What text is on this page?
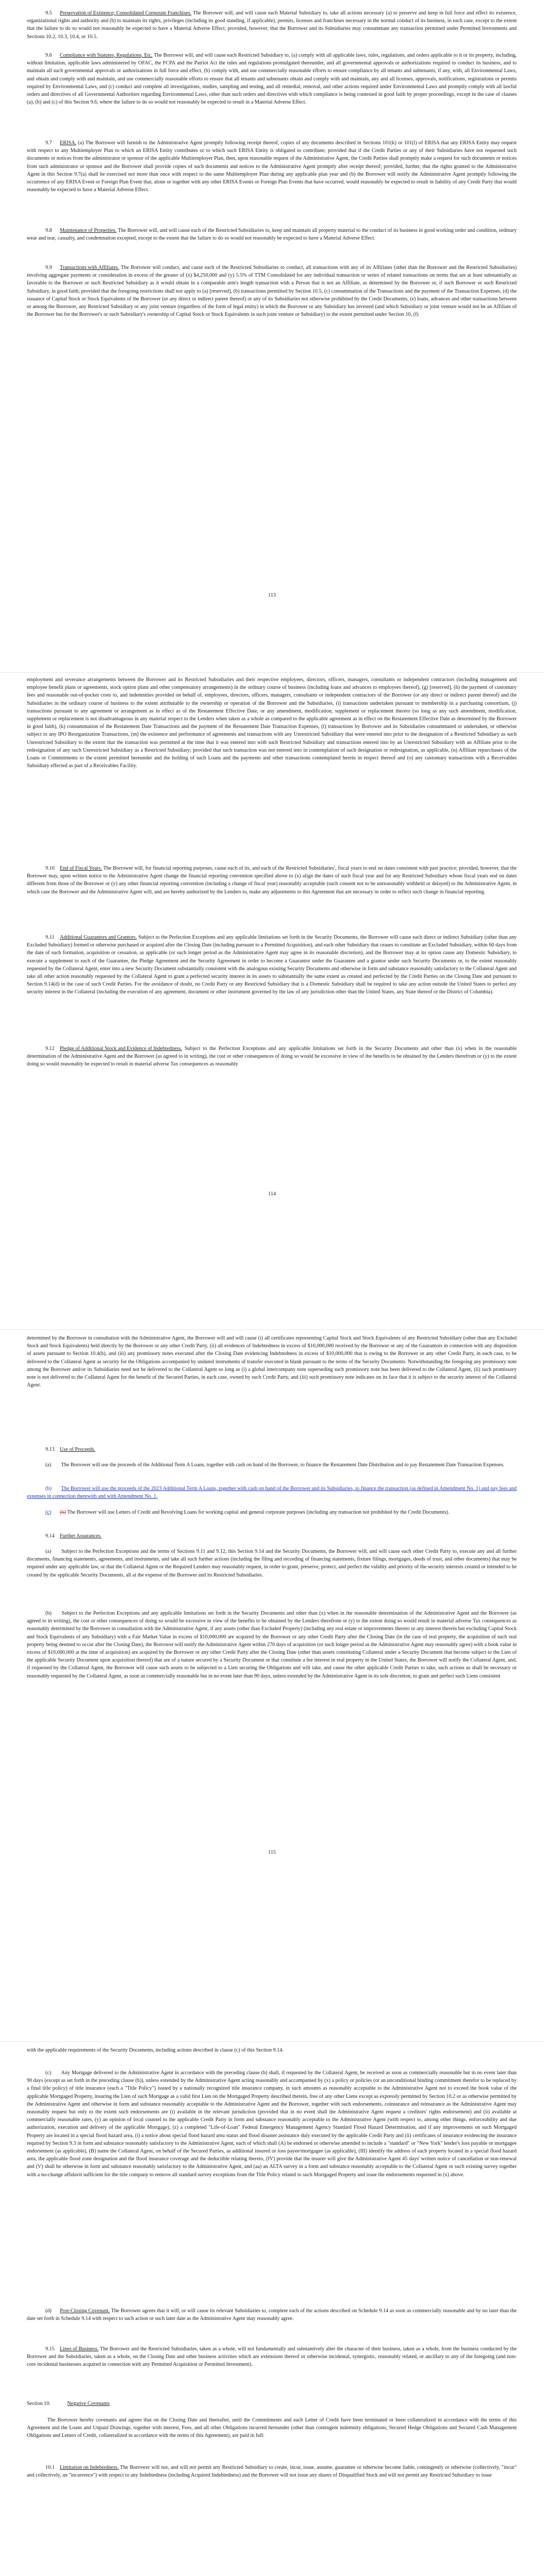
9.5 Preservation of Existence; Consolidated Corporate Franchises. The Borrower will, and will cause each Material Subsidiary to, take all actions necessary (a) to preserve and keep in full force and effect its existence, organizational rights and authority and (b) to maintain its rights, privileges (including its good standing, if applicable), permits, licenses and franchises necessary in the normal conduct of its business, in each case, except to the extent that the failure to do so would not reasonably be expected to have a Material Adverse Effect; provided, however, that the Borrower and its Subsidiaries may consummate any transaction permitted under Permitted Investments and Sections 10.2, 10.3, 10.4, or 10.5.

9.6 Compliance with Statutes, Regulations, Etc. The Borrower will, and will cause each Restricted Subsidiary to, (a) comply with all applicable laws, rules, regulations, and orders applicable to it or its property, including, without limitation, applicable laws administered by OFAC, the FCPA and the Patriot Act the rules and regulations promulgated thereunder, and all governmental approvals or authorizations required to conduct its business, and to maintain all such governmental approvals or authorizations in full force and effect, (b) comply with, and use commercially reasonable efforts to ensure compliance by all tenants and subtenants, if any, with, all Environmental Laws, and obtain and comply with and maintain, and use commercially reasonable efforts to ensure that all tenants and subtenants obtain and comply with and maintain, any and all licenses, approvals, notifications, registrations or permits required by Environmental Laws, and (c) conduct and complete all investigations, studies, sampling and testing, and all remedial, removal, and other actions required under Environmental Laws and promptly comply with all lawful orders and directives of all Governmental Authorities regarding Environmental Laws, other than such orders and directives with which compliance is being contested in good faith by proper proceedings, except in the case of clauses (a), (b) and (c) of this Section 9.6, where the failure to do so would not reasonably be expected to result in a Material Adverse Effect.

9.7 ERISA. (a) The Borrower will furnish to the Administrative Agent promptly following receipt thereof, copies of any documents described in Sections 101(k) or 101(l) of ERISA that any ERISA Entity may request with respect to any Multiemployer Plan to which an ERISA Entity contributes or to which such ERISA Entity is obligated to contribute; provided that if the Credit Parties or any of their Subsidiaries have not requested such documents or notices from the administrator or sponsor of the applicable Multiemployer Plan, then, upon reasonable request of the Administrative Agent, the Credit Parties shall promptly make a request for such documents or notices from such administrator or sponsor and the Borrower shall provide copies of such documents and notices to the Administrative Agent promptly after receipt thereof; provided, further, that the rights granted to the Administrative Agent in this Section 9.7(a) shall be exercised not more than once with respect to the same Multiemployer Plan during any applicable plan year and (b) the Borrower will notify the Administrative Agent promptly following the occurrence of any ERISA Event or Foreign Plan Event that, alone or together with any other ERISA Events or Foreign Plan Events that have occurred, would reasonably be expected to result in liability of any Credit Party that would reasonably be expected to have a Material Adverse Effect.

9.8 Maintenance of Properties. The Borrower will, and will cause each of the Restricted Subsidiaries to, keep and maintain all property material to the conduct of its business in good working order and condition, ordinary wear and tear, casualty, and condemnation excepted, except to the extent that the failure to do so would not reasonably be expected to have a Material Adverse Effect.

9.9 Transactions with Affiliates. The Borrower will conduct, and cause each of the Restricted Subsidiaries to conduct, all transactions with any of its Affiliates (other than the Borrower and the Restricted Subsidiaries) involving aggregate payments or consideration in excess of the greater of (x) $4,250,000 and (y) 5.5% of TTM Consolidated for any individual transaction or series of related transactions on terms that are at least substantially as favorable to the Borrower or such Restricted Subsidiary as it would obtain in a comparable arm's length transaction with a Person that is not an Affiliate, as determined by the Borrower or, if such Borrower or such Restricted Subsidiary, in good faith; provided that the foregoing restrictions shall not apply to (a) [reserved], (b) transactions permitted by Section 10.5, (c) consummation of the Transactions and the payment of the Transaction Expenses, (d) the issuance of Capital Stock or Stock Equivalents of the Borrower (or any direct or indirect parent thereof) or any of its Subsidiaries not otherwise prohibited by the Credit Documents, (e) loans, advances and other transactions between or among the Borrower, any Restricted Subsidiary or any joint venture (regardless of the form of legal entity) in which the Borrower or any Subsidiary has invested (and which Subsidiary or joint venture would not be an Affiliate of the Borrower but for the Borrower's or such Subsidiary's ownership of Capital Stock or Stock Equivalents in such joint venture or Subsidiary) to the extent permitted under Section 10, (f)

113

employment and severance arrangements between the Borrower and its Restricted Subsidiaries and their respective employees, directors, officers, managers, consultants or independent contractors (including management and employee benefit plans or agreements, stock option plans and other compensatory arrangements) in the ordinary course of business (including loans and advances to employees thereof), (g) [reserved], (h) the payment of customary fees and reasonable out-of-pocket costs to, and indemnities provided on behalf of, employees, directors, officers, managers, consultants or independent contractors of the Borrower (or any direct or indirect parent thereof) and the Subsidiaries in the ordinary course of business to the extent attributable to the ownership or operation of the Borrower and the Subsidiaries, (i) transactions undertaken pursuant to membership in a purchasing consortium, (j) transactions pursuant to any agreement or arrangement as in effect as of the Restatement Effective Date, or any amendment, modification, supplement or replacement thereto (so long as any such amendment, modification, supplement or replacement is not disadvantageous in any material respect to the Lenders when taken as a whole as compared to the applicable agreement as in effect on the Restatement Effective Date as determined by the Borrower in good faith), (k) consummation of the Restatement Date Transactions and the payment of the Restatement Date Transaction Expenses, (l) transactions by Borrower and its Subsidiaries consummated or undertaken, or otherwise subject to any IPO Reorganization Transactions, (m) the existence and performance of agreements and transactions with any Unrestricted Subsidiary that were entered into prior to the designation of a Restricted Subsidiary as such Unrestricted Subsidiary to the extent that the transaction was permitted at the time that it was entered into with such Restricted Subsidiary and transactions entered into by an Unrestricted Subsidiary with an Affiliate prior to the redesignation of any such Unrestricted Subsidiary as a Restricted Subsidiary; provided that such transaction was not entered into in contemplation of such designation or redesignation, as applicable, (n) Affiliate repurchases of the Loans or Commitments to the extent permitted hereunder and the holding of such Loans and the payments and other transactions contemplated herein in respect thereof and (o) any customary transactions with a Receivables Subsidiary effected as part of a Receivables Facility.

9.10 End of Fiscal Years. The Borrower will, for financial reporting purposes, cause each of its, and each of the Restricted Subsidiaries', fiscal years to end on dates consistent with past practice; provided, however, that the Borrower may, upon written notice to the Administrative Agent change the financial reporting convention specified above to (x) align the dates of such fiscal year and for any Restricted Subsidiary whose fiscal years end on dates different from those of the Borrower or (y) any other financial reporting convention (including a change of fiscal year) reasonably acceptable (such consent not to be unreasonably withheld or delayed) to the Administrative Agent, in which case the Borrower and the Administrative Agent will, and are hereby authorized by the Lenders to, make any adjustments to this Agreement that are necessary in order to reflect such change in financial reporting.

9.11 Additional Guarantors and Grantors. Subject to the Perfection Exceptions and any applicable limitations set forth in the Security Documents, the Borrower will cause each direct or indirect Subsidiary (other than any Excluded Subsidiary) formed or otherwise purchased or acquired after the Closing Date (including pursuant to a Permitted Acquisition), and each other Subsidiary that ceases to constitute an Excluded Subsidiary, within 60 days from the date of such formation, acquisition or cessation, as applicable (or such longer period as the Administrative Agent may agree in its reasonable discretion), and the Borrower may at its option cause any Domestic Subsidiary, to execute a supplement to each of the Guarantee, the Pledge Agreement and the Security Agreement in order to become a Guarantor under the Guarantee and a grantor under such Security Documents or, to the extent reasonably requested by the Collateral Agent, enter into a new Security Document substantially consistent with the analogous existing Security Documents and otherwise in form and substance reasonably satisfactory to the Collateral Agent and take all other action reasonably requested by the Collateral Agent to grant a perfected security interest in its assets to substantially the same extent as created and perfected by the Credit Parties on the Closing Date and pursuant to Section 9.14(d) in the case of such Credit Parties. For the avoidance of doubt, no Credit Party or any Restricted Subsidiary that is a Domestic Subsidiary shall be required to take any action outside the United States to perfect any security interest in the Collateral (including the execution of any agreement, document or other instrument governed by the law of any jurisdiction other than the United States, any State thereof or the District of Columbia).

9.12 Pledge of Additional Stock and Evidence of Indebtedness. Subject to the Perfection Exceptions and any applicable limitations set forth in the Security Documents and other than (x) when in the reasonable determination of the Administrative Agent and the Borrower (as agreed to in writing), the cost or other consequences of doing so would be excessive in view of the benefits to be obtained by the Lenders therefrom or (y) to the extent doing so would reasonably be expected to result in material adverse Tax consequences as reasonably

114

determined by the Borrower in consultation with the Administrative Agent, the Borrower will and will cause (i) all certificates representing Capital Stock and Stock Equivalents of any Restricted Subsidiary (other than any Excluded Stock and Stock Equivalents) held directly by the Borrower or any other Credit Party, (ii) all evidences of Indebtedness in excess of $10,000,000 received by the Borrower or any of the Guarantors in connection with any disposition of assets pursuant to Section 10.4(b), and (iii) any promissory notes executed after the Closing Date evidencing Indebtedness in excess of $10,000,000 that is owing to the Borrower or any other Credit Party, in each case, to be delivered to the Collateral Agent as security for the Obligations accompanied by undated instruments of transfer executed in blank pursuant to the terms of the Security Documents. Notwithstanding the foregoing any promissory note among the Borrower and/or its Subsidiaries need not be delivered to the Collateral Agent so long as (i) a global intercompany note superseding such promissory note has been delivered to the Collateral Agent, (ii) such promissory note is not delivered to the Collateral Agent for the benefit of the Secured Parties, in each case, owned by such Credit Party, and (iii) such promissory note indicates on its face that it is subject to the security interest of the Collateral Agent.

9.13 Use of Proceeds.

(a) The Borrower will use the proceeds of the Additional Term A Loans, together with cash on hand of the Borrower, to finance the Restatement Date Distribution and to pay Restatement Date Transaction Expenses.

(b) The Borrower will use the proceeds of the 2023 Additional Term A Loans, together with cash on hand of the Borrower and its Subsidiaries, to finance the transaction (as defined in Amendment No. 1) and pay fees and expenses in connection therewith and with Amendment No. 1.

(c) (b) The Borrower will use Letters of Credit and Revolving Loans for working capital and general corporate purposes (including any transaction not prohibited by the Credit Documents).

9.14 Further Assurances.

(a) Subject to the Perfection Exceptions and the terms of Sections 9.11 and 9.12, this Section 9.14 and the Security Documents, the Borrower will, and will cause each other Credit Party to, execute any and all further documents, financing statements, agreements, and instruments, and take all such further actions (including the filing and recording of financing statements, fixture filings, mortgages, deeds of trust, and other documents) that may be required under any applicable law, or that the Collateral Agent or the Required Lenders may reasonably request, in order to grant, preserve, protect, and perfect the validity and priority of the security interests created or intended to be created by the applicable Security Documents, all at the expense of the Borrower and its Restricted Subsidiaries.

(b) Subject to the Perfection Exceptions and any applicable limitations set forth in the Security Documents and other than (x) when in the reasonable determination of the Administrative Agent and the Borrower (as agreed to in writing), the cost or other consequences of doing so would be excessive in view of the benefits to be obtained by the Lenders therefrom or (y) to the extent doing so would result in material adverse Tax consequences as reasonably determined by the Borrower in consultation with the Administrative Agent, if any assets (other than Excluded Property) (including any real estate or improvements thereto or any interest therein but excluding Capital Stock and Stock Equivalents of any Subsidiary) with a Fair Market Value in excess of $10,000,000 are acquired by the Borrower or any other Credit Party after the Closing Date (in the case of real property, the acquisition of such real property being deemed to occur after the Closing Date), the Borrower will notify the Administrative Agent within 270 days of acquisition (or such longer period as the Administrative Agent may reasonably agree) with a book value in excess of $10,000,000 at the time of acquisition) are acquired by the Borrower or any other Credit Party after the Closing Date (other than assets constituting Collateral under a Security Document that become subject to the Lien of the applicable Security Document upon acquisition thereof) that are of a nature secured by a Security Document or that constitute a fee interest in real property in the United States, the Borrower will notify the Collateral Agent, and, if requested by the Collateral Agent, the Borrower will cause such assets to be subjected to a Lien securing the Obligations and will take, and cause the other applicable Credit Parties to take, such actions as shall be necessary or reasonably requested by the Collateral Agent, as soon as commercially reasonable but in no event later than 90 days, unless extended by the Administrative Agent in its sole discretion, to grant and perfect such Liens consistent

115

with the applicable requirements of the Security Documents, including actions described in clause (c) of this Section 9.14.

(c) Any Mortgage delivered to the Administrative Agent in accordance with the preceding clause (b) shall, if requested by the Collateral Agent, be received as soon as commercially reasonable but in no event later than 90 days (except as set forth in the preceding clause (b)), unless extended by the Administrative Agent acting reasonably and accompanied by (x) a policy or policies (or an unconditional binding commitment therefor to be replaced by a final title policy) of title insurance (each a "Title Policy") issued by a nationally recognized title insurance company, in such amounts as reasonably acceptable to the Administrative Agent not to exceed the book value of the applicable Mortgaged Property, insuring the Lien of such Mortgage as a valid first Lien on the Mortgaged Property described therein, free of any other Liens except as expressly permitted by Section 10.2 or as otherwise permitted by the Administrative Agent and otherwise in form and substance reasonably acceptable to the Administrative Agent and the Borrower, together with such endorsements, coinsurance and reinsurance as the Administrative Agent may reasonably request but only to the extent such endorsements are (i) available in the relevant jurisdiction (provided that in no event shall the Administrative Agent request a creditors' rights endorsement) and (ii) available at commercially reasonable rates, (y) an opinion of local counsel to the applicable Credit Party in form and substance reasonably acceptable to the Administrative Agent (with respect to, among other things, enforceability and due authorization, execution and delivery of the applicable Mortgage), (z) a completed "Life-of-Loan" Federal Emergency Management Agency Standard Flood Hazard Determination, and if any improvements on such Mortgaged Property are located in a special flood hazard area, (i) a notice about special flood hazard area status and flood disaster assistance duly executed by the applicable Credit Party and (ii) certificates of insurance evidencing the insurance required by Section 9.3 in form and substance reasonably satisfactory to the Administrative Agent, each of which shall (A) be endorsed or otherwise amended to include a "standard" or "New York" lender's loss payable or mortgagee endorsement (as applicable), (B) name the Collateral Agent, on behalf of the Secured Parties, as additional insured or loss payee/mortgagee (as applicable), (III) identify the address of each property located in a special flood hazard area, the applicable flood zone designation and the flood insurance coverage and the deductible relating thereto, (IV) provide that the insurer will give the Administrative Agent 45 days' written notice of cancellation or non-renewal and (V) shall be otherwise in form and substance reasonably satisfactory to the Administrative Agent, and (aa) an ALTA survey in a form and substance reasonably acceptable to the Collateral Agent or such existing survey together with a no-change affidavit sufficient for the title company to remove all standard survey exceptions from the Title Policy related to such Mortgaged Property and issue the endorsements requested in (x) above.

(d) Post-Closing Covenant. The Borrower agrees that it will, or will cause its relevant Subsidiaries to, complete each of the actions described on Schedule 9.14 as soon as commercially reasonable and by no later than the date set forth in Schedule 9.14 with respect to such action or such later date as the Administrative Agent may reasonably agree.

9.15 Lines of Business. The Borrower and the Restricted Subsidiaries, taken as a whole, will not fundamentally and substantively alter the character of their business, taken as a whole, from the business conducted by the Borrower and the Subsidiaries, taken as a whole, on the Closing Date and other business activities which are extensions thereof or otherwise incidental, synergistic, reasonably related, or ancillary to any of the foregoing (and non-core incidental businesses acquired in connection with any Permitted Acquisition or Permitted Investment).

Section 10.	Negative Covenants

The Borrower hereby covenants and agrees that on the Closing Date and thereafter, until the Commitments and each Letter of Credit have been terminated or been collateralized in accordance with the terms of this Agreement and the Loans and Unpaid Drawings, together with interest, Fees, and all other Obligations incurred hereunder (other than contingent indemnity obligations, Secured Hedge Obligations and Secured Cash Management Obligations and Letters of Credit, collateralized in accordance with the terms of this Agreement), are paid in full:

10.1 Limitation on Indebtedness. The Borrower will not, and will not permit any Restricted Subsidiary to create, incur, issue, assume, guarantee or otherwise become liable, contingently or otherwise (collectively, "incur" and collectively, an "incurrence") with respect to any Indebtedness (including Acquired Indebtedness) and the Borrower will not issue any shares of Disqualified Stock and will not permit any Restricted Subsidiary to issue
